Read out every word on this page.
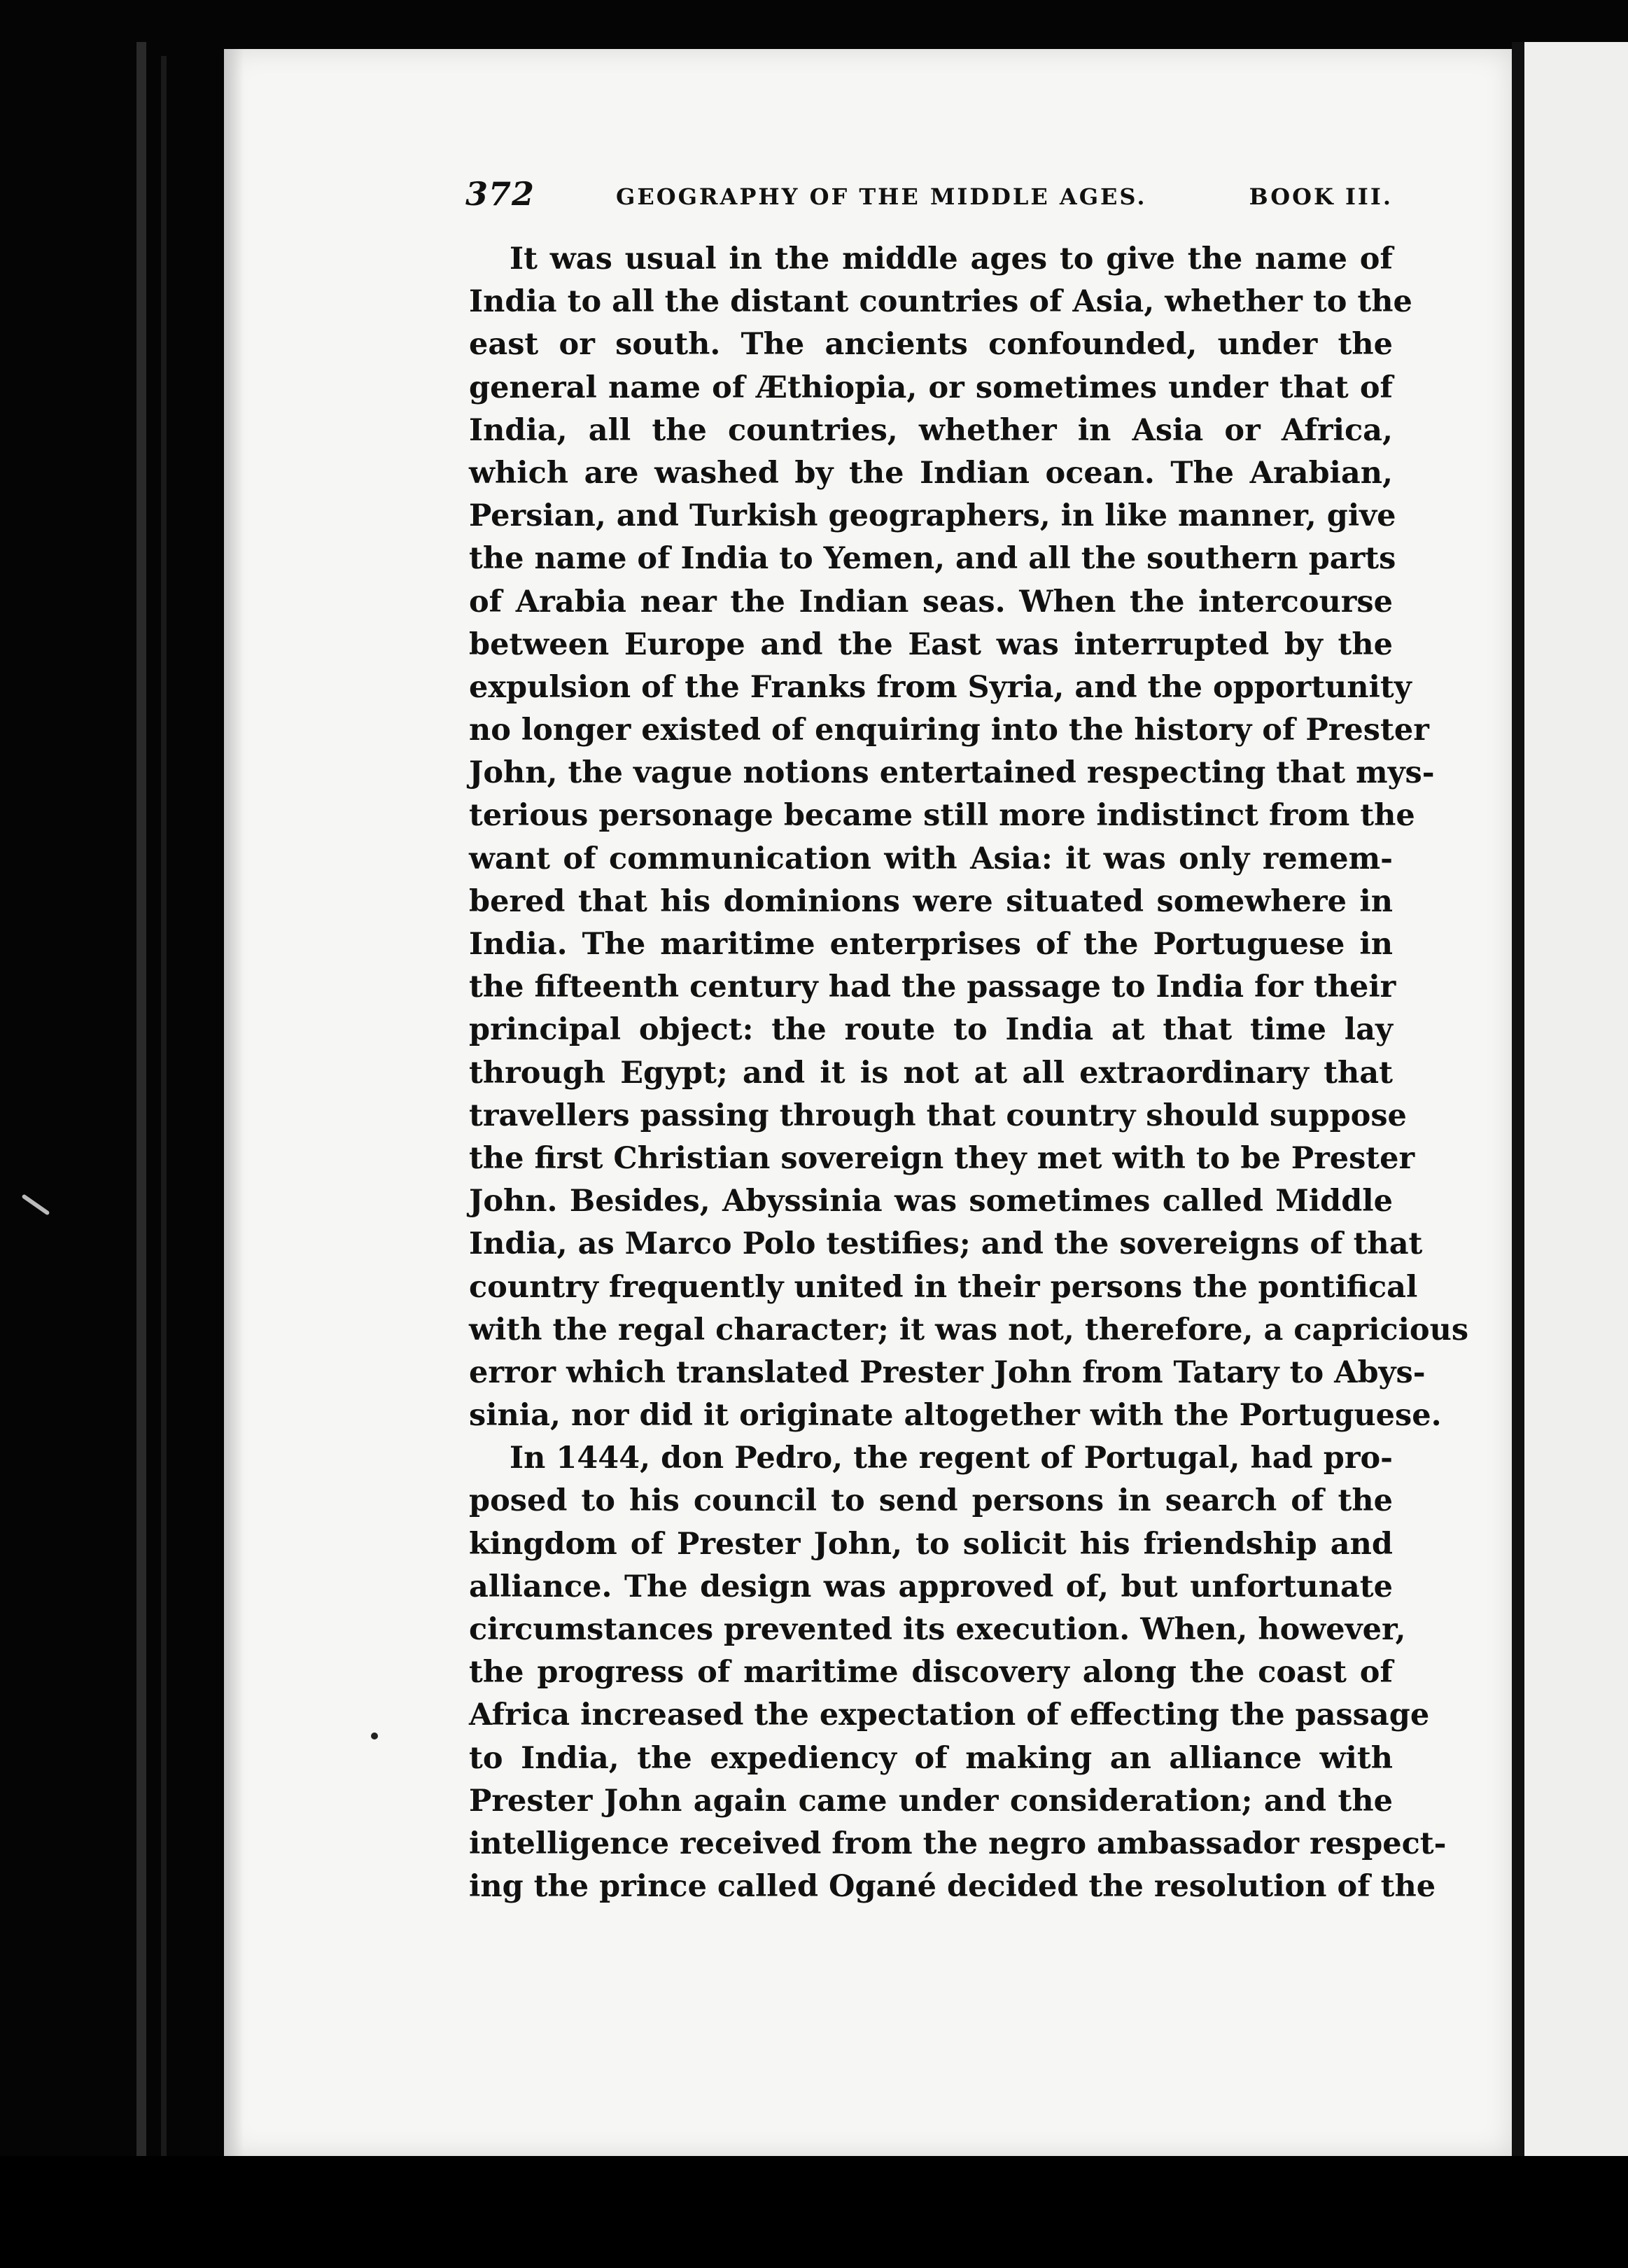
372	GEOGRAPHY OF THE MIDDLE AGES.	BOOK III.
It was usual in the middle ages to give the name of
India to all the distant countries of Asia, whether to the
east or south. The ancients confounded, under the
general name of Æthiopia, or sometimes under that of
India, all the countries, whether in Asia or Africa,
which are washed by the Indian ocean. The Arabian,
Persian, and Turkish geographers, in like manner, give
the name of India to Yemen, and all the southern parts
of Arabia near the Indian seas. When the intercourse
between Europe and the East was interrupted by the
expulsion of the Franks from Syria, and the opportunity
no longer existed of enquiring into the history of Prester
John, the vague notions entertained respecting that mys-
terious personage became still more indistinct from the
want of communication with Asia: it was only remem-
bered that his dominions were situated somewhere in
India. The maritime enterprises of the Portuguese in
the fifteenth century had the passage to India for their
principal object: the route to India at that time lay
through Egypt; and it is not at all extraordinary that
travellers passing through that country should suppose
the first Christian sovereign they met with to be Prester
John. Besides, Abyssinia was sometimes called Middle
India, as Marco Polo testifies; and the sovereigns of that
country frequently united in their persons the pontifical
with the regal character; it was not, therefore, a capricious
error which translated Prester John from Tatary to Abys-
sinia, nor did it originate altogether with the Portuguese.
In 1444, don Pedro, the regent of Portugal, had pro-
posed to his council to send persons in search of the
kingdom of Prester John, to solicit his friendship and
alliance. The design was approved of, but unfortunate
circumstances prevented its execution. When, however,
the progress of maritime discovery along the coast of
Africa increased the expectation of effecting the passage
to India, the expediency of making an alliance with
Prester John again came under consideration; and the
intelligence received from the negro ambassador respect-
ing the prince called Ogané decided the resolution of the
